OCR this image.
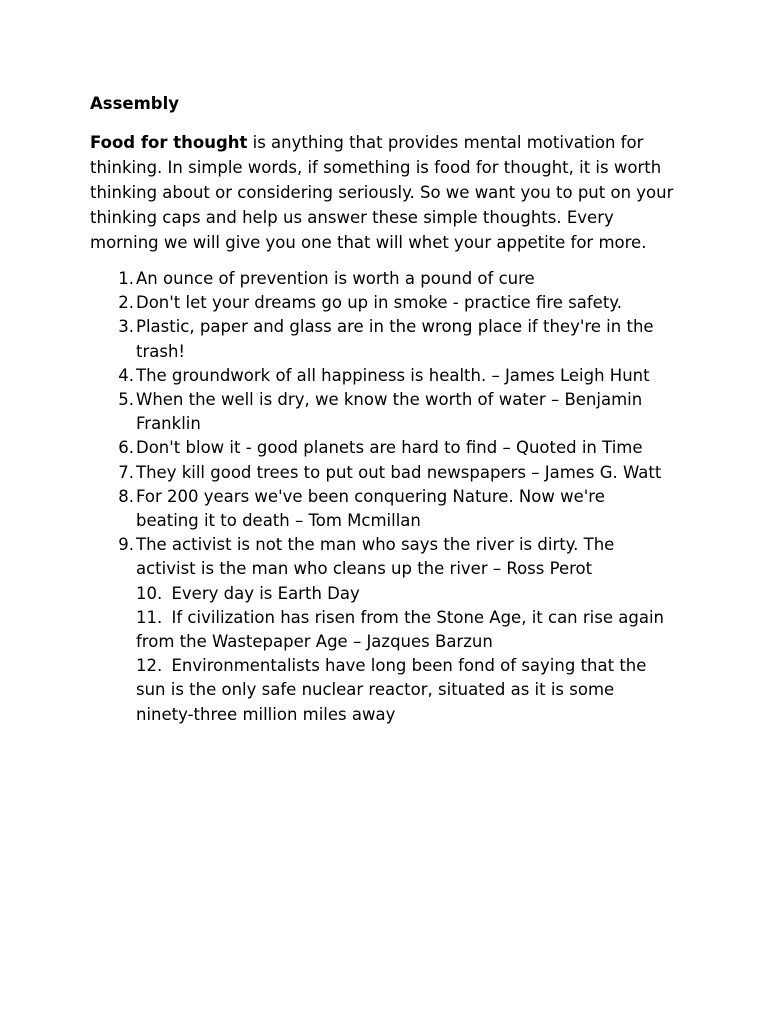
Assembly

Food for thought is anything that provides mental motivation for thinking. In simple words, if something is food for thought, it is worth thinking about or considering seriously. So we want you to put on your thinking caps and help us answer these simple thoughts. Every morning we will give you one that will whet your appetite for more.

1. An ounce of prevention is worth a pound of cure
2. Don't let your dreams go up in smoke - practice fire safety.
3. Plastic, paper and glass are in the wrong place if they're in the trash!
4. The groundwork of all happiness is health. – James Leigh Hunt
5. When the well is dry, we know the worth of water – Benjamin Franklin
6. Don't blow it - good planets are hard to find – Quoted in Time
7. They kill good trees to put out bad newspapers – James G. Watt
8. For 200 years we've been conquering Nature. Now we're beating it to death – Tom Mcmillan
9. The activist is not the man who says the river is dirty. The activist is the man who cleans up the river – Ross Perot
10. Every day is Earth Day
11. If civilization has risen from the Stone Age, it can rise again from the Wastepaper Age – Jazques Barzun
12. Environmentalists have long been fond of saying that the sun is the only safe nuclear reactor, situated as it is some ninety-three million miles away
